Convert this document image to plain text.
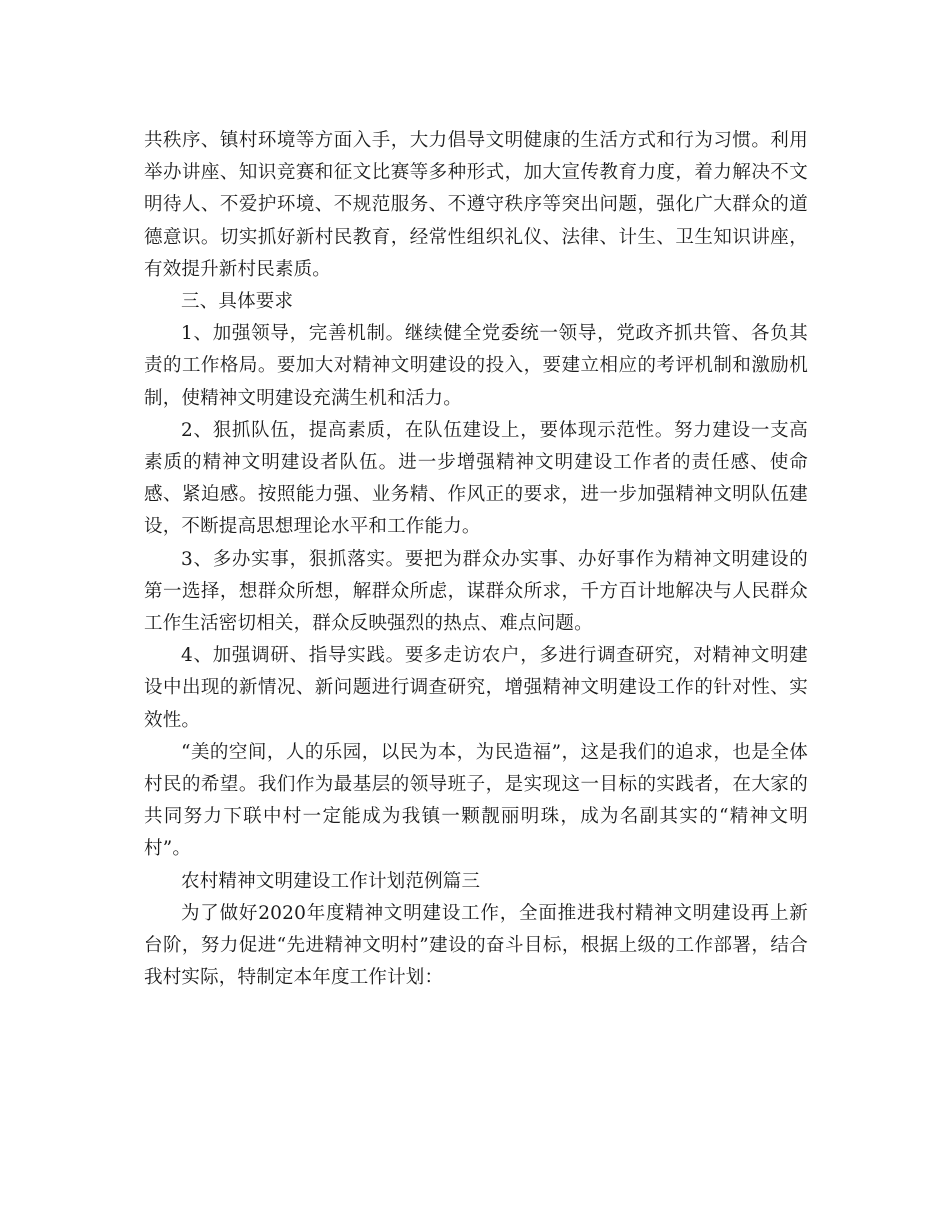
共秩序、镇村环境等方面入手，大力倡导文明健康的生活方式和行为习惯。利用举办讲座、知识竞赛和征文比赛等多种形式，加大宣传教育力度，着力解决不文明待人、不爱护环境、不规范服务、不遵守秩序等突出问题，强化广大群众的道德意识。切实抓好新村民教育，经常性组织礼仪、法律、计生、卫生知识讲座，有效提升新村民素质。

三、具体要求

1、加强领导，完善机制。继续健全党委统一领导，党政齐抓共管、各负其责的工作格局。要加大对精神文明建设的投入，要建立相应的考评机制和激励机制，使精神文明建设充满生机和活力。

2、狠抓队伍，提高素质，在队伍建设上，要体现示范性。努力建设一支高素质的精神文明建设者队伍。进一步增强精神文明建设工作者的责任感、使命感、紧迫感。按照能力强、业务精、作风正的要求，进一步加强精神文明队伍建设，不断提高思想理论水平和工作能力。

3、多办实事，狠抓落实。要把为群众办实事、办好事作为精神文明建设的第一选择，想群众所想，解群众所虑，谋群众所求，千方百计地解决与人民群众工作生活密切相关，群众反映强烈的热点、难点问题。

4、加强调研、指导实践。要多走访农户，多进行调查研究，对精神文明建设中出现的新情况、新问题进行调查研究，增强精神文明建设工作的针对性、实效性。

“美的空间，人的乐园，以民为本，为民造福”，这是我们的追求，也是全体村民的希望。我们作为最基层的领导班子，是实现这一目标的实践者，在大家的共同努力下联中村一定能成为我镇一颗靓丽明珠，成为名副其实的“精神文明村”。

农村精神文明建设工作计划范例篇三

为了做好2020年度精神文明建设工作，全面推进我村精神文明建设再上新台阶，努力促进“先进精神文明村”建设的奋斗目标，根据上级的工作部署，结合我村实际，特制定本年度工作计划：
